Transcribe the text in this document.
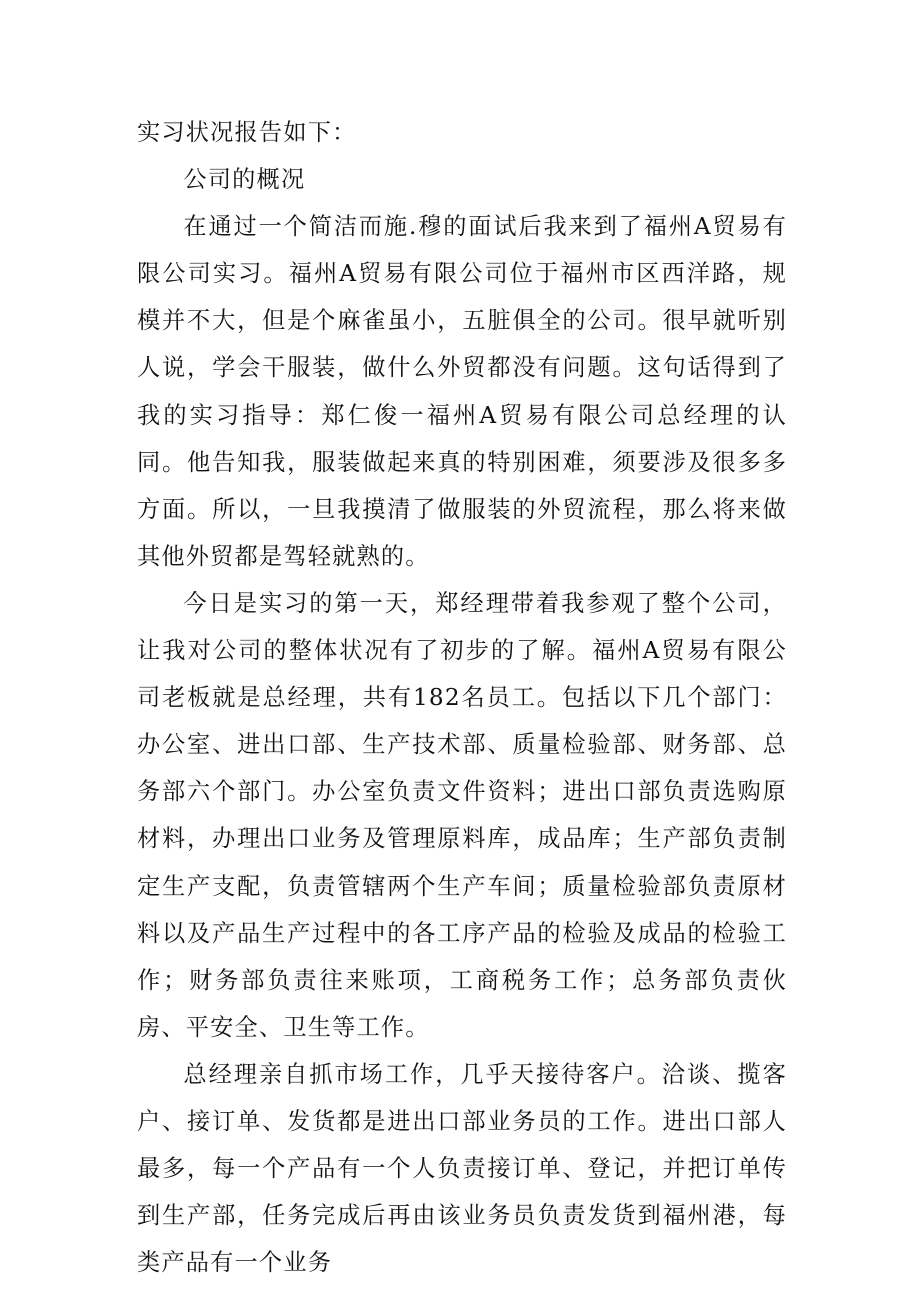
实习状况报告如下：

公司的概况

在通过一个简洁而施.穆的面试后我来到了福州A贸易有限公司实习。福州A贸易有限公司位于福州市区西洋路，规模并不大，但是个麻雀虽小，五脏俱全的公司。很早就听别人说，学会干服装，做什么外贸都没有问题。这句话得到了我的实习指导：郑仁俊一福州A贸易有限公司总经理的认同。他告知我，服装做起来真的特别困难，须要涉及很多多方面。所以，一旦我摸清了做服装的外贸流程，那么将来做其他外贸都是驾轻就熟的。

今日是实习的第一天，郑经理带着我参观了整个公司，让我对公司的整体状况有了初步的了解。福州A贸易有限公司老板就是总经理，共有182名员工。包括以下几个部门：办公室、进出口部、生产技术部、质量检验部、财务部、总务部六个部门。办公室负责文件资料；进出口部负责选购原材料，办理出口业务及管理原料库，成品库；生产部负责制定生产支配，负责管辖两个生产车间；质量检验部负责原材料以及产品生产过程中的各工序产品的检验及成品的检验工作；财务部负责往来账项，工商税务工作；总务部负责伙房、平安全、卫生等工作。

总经理亲自抓市场工作，几乎天接待客户。洽谈、揽客户、接订单、发货都是进出口部业务员的工作。进出口部人最多，每一个产品有一个人负责接订单、登记，并把订单传到生产部，任务完成后再由该业务员负责发货到福州港，每类产品有一个业务
